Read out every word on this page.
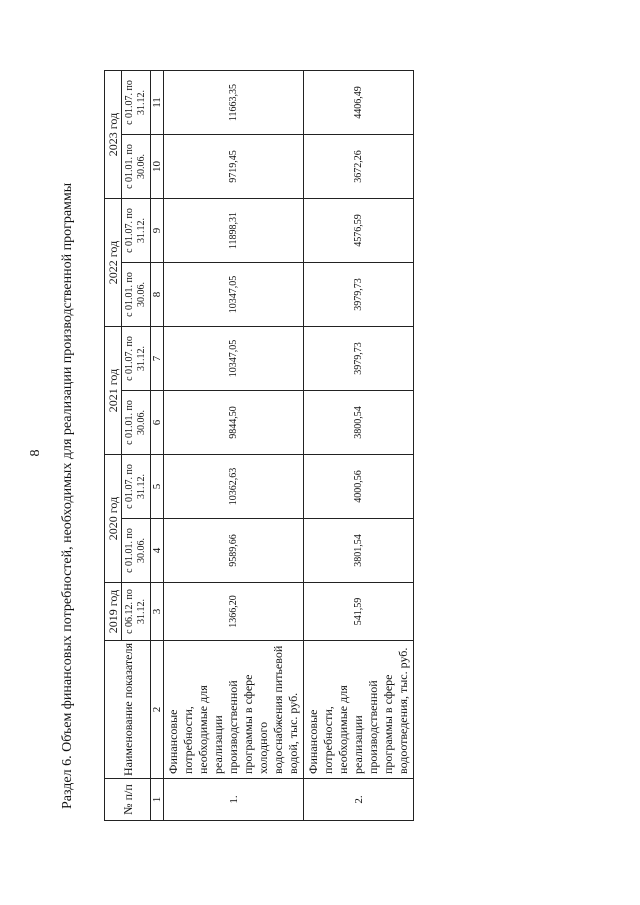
8 Раздел 6. Объем финансовых потребностей, необходимых для реализации производственной программы	№ п/п	Наименование показателя	2019 год	2020 год		2021 год		2022 год		2023 год	
		с 06.12. по 31.12.	с 01.01. по 30.06.	с 01.07. по 31.12.	с 01.01. по 30.06.	с 01.07. по 31.12.	с 01.01. по 30.06.	с 01.07. по 31.12.	с 01.01. по 30.06.	с 01.07. по 31.12.
1	2	3	4	5	6	7	8	9	10	11
1.	Финансовые потребности, необходимые для реализации производственной программы в сфере холодного водоснабжения питьевой водой, тыс. руб.	1366,20	9589,66	10362,63	9844,50	10347,05	10347,05	11898,31	9719,45	11663,35
2.	Финансовые потребности, необходимые для реализации производственной программы в сфере водоотведения, тыс. руб.	541,59	3801,54	4000,56	3800,54	3979,73	3979,73	4576,59	3672,26	4406,49
